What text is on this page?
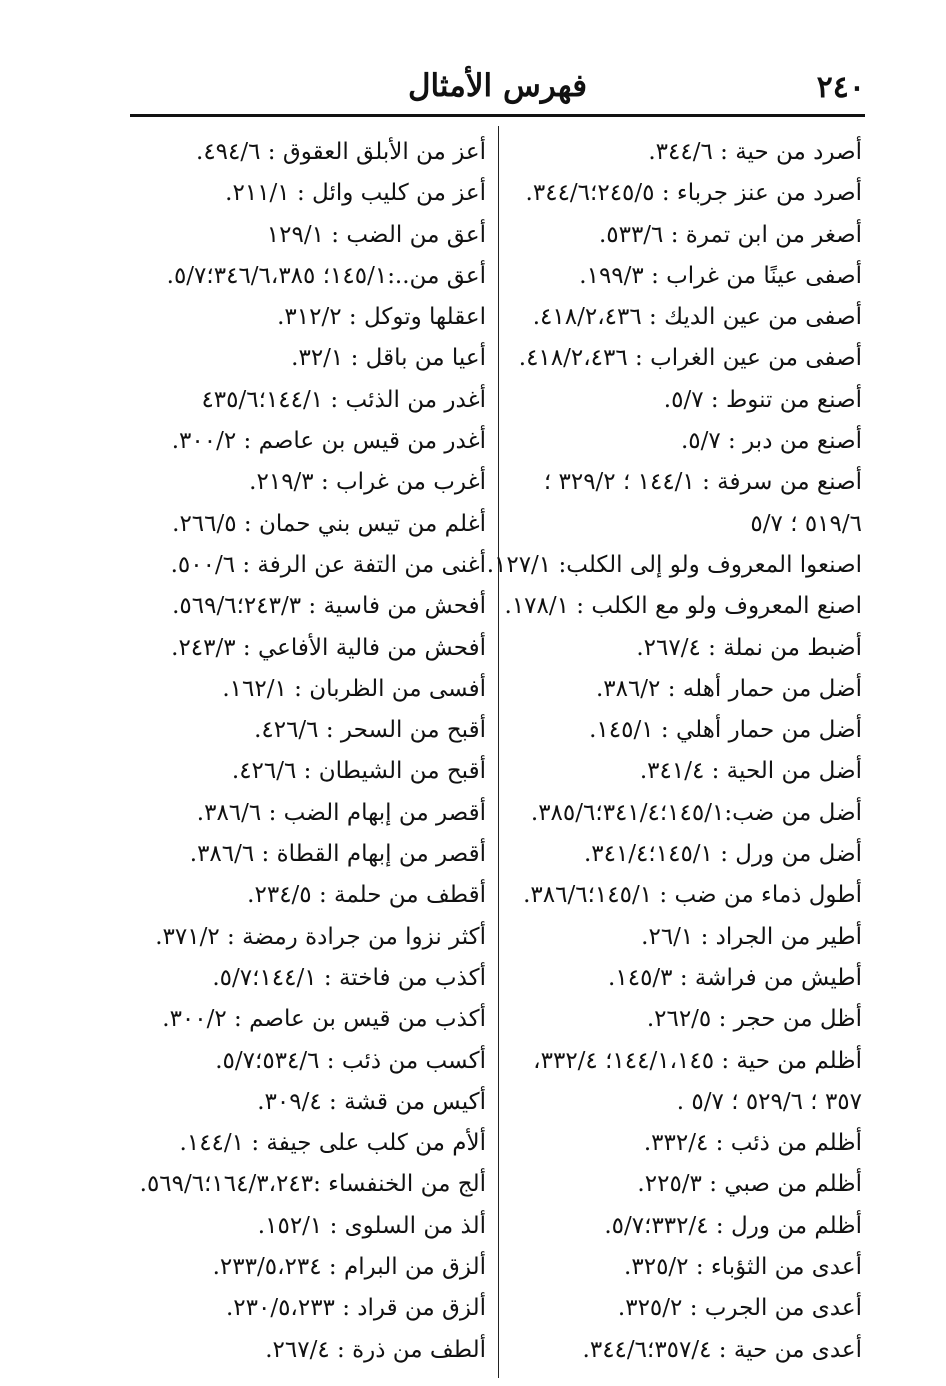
فهرس الأمثال	٢٤٠
أصرد من حية : ٣٤٤/٦.
أصرد من عنز جرباء : ٢٤٥/٥؛٣٤٤/٦.
أصغر من ابن تمرة : ٥٣٣/٦.
أصفى عينًا من غراب : ١٩٩/٣.
أصفى من عين الديك : ٤١٨/٢،٤٣٦.
أصفى من عين الغراب : ٤١٨/٢،٤٣٦.
أصنع من تنوط : ٥/٧.
أصنع من دبر : ٥/٧.
أصنع من سرفة : ١٤٤/١ ؛ ٣٢٩/٢ ؛
٥١٩/٦ ؛ ٥/٧
اصنعوا المعروف ولو إلى الكلب: ١٢٧/١.
اصنع المعروف ولو مع الكلب : ١٧٨/١.
أضبط من نملة : ٢٦٧/٤.
أضل من حمار أهله : ٣٨٦/٢.
أضل من حمار أهلي : ١٤٥/١.
أضل من الحية : ٣٤١/٤.
أضل من ضب:١٤٥/١؛٣٤١/٤؛٣٨٥/٦.
أضل من ورل : ١٤٥/١؛٣٤١/٤.
أطول ذماء من ضب : ١٤٥/١؛٣٨٦/٦.
أطير من الجراد : ٢٦/١.
أطيش من فراشة : ١٤٥/٣.
أظل من حجر : ٢٦٢/٥.
أظلم من حية : ١٤٤/١،١٤٥؛ ٣٣٢/٤،
٣٥٧ ؛ ٥٢٩/٦ ؛ ٥/٧ .
أظلم من ذئب : ٣٣٢/٤.
أظلم من صبي : ٢٢٥/٣.
أظلم من ورل : ٣٣٢/٤؛٥/٧.
أعدى من الثؤباء : ٣٢٥/٢.
أعدى من الجرب : ٣٢٥/٢.
أعدى من حية : ٣٥٧/٤؛٣٤٤/٦.
أعز من الأبلق العقوق : ٤٩٤/٦.
أعز من كليب وائل : ٢١١/١.
أعق من الضب : ١٢٩/١
أعق من..:١٤٥/١؛ ٣٤٦/٦،٣٨٥؛٥/٧.
اعقلها وتوكل : ٣١٢/٢.
أعيا من باقل : ٣٢/١.
أغدر من الذئب : ١٤٤/١؛٤٣٥/٦
أغدر من قيس بن عاصم : ٣٠٠/٢.
أغرب من غراب : ٢١٩/٣.
أغلم من تيس بني حمان : ٢٦٦/٥.
أغنى من التفة عن الرفة : ٥٠٠/٦.
أفحش من فاسية : ٢٤٣/٣؛٥٦٩/٦.
أفحش من فالية الأفاعي : ٢٤٣/٣.
أفسى من الظربان : ١٦٢/١.
أقبح من السحر : ٤٢٦/٦.
أقبح من الشيطان : ٤٢٦/٦.
أقصر من إبهام الضب : ٣٨٦/٦.
أقصر من إبهام القطاة : ٣٨٦/٦.
أقطف من حلمة : ٢٣٤/٥.
أكثر نزوا من جرادة رمضة : ٣٧١/٢.
أكذب من فاختة : ١٤٤/١؛٥/٧.
أكذب من قيس بن عاصم : ٣٠٠/٢.
أكسب من ذئب : ٥٣٤/٦؛٥/٧.
أكيس من قشة : ٣٠٩/٤.
ألأم من كلب على جيفة : ١٤٤/١.
ألج من الخنفساء :١٦٤/٣،٢٤٣؛٥٦٩/٦.
ألذ من السلوى : ١٥٢/١.
ألزق من البرام : ٢٣٣/٥،٢٣٤.
ألزق من قراد : ٢٣٠/٥،٢٣٣.
ألطف من ذرة : ٢٦٧/٤.
